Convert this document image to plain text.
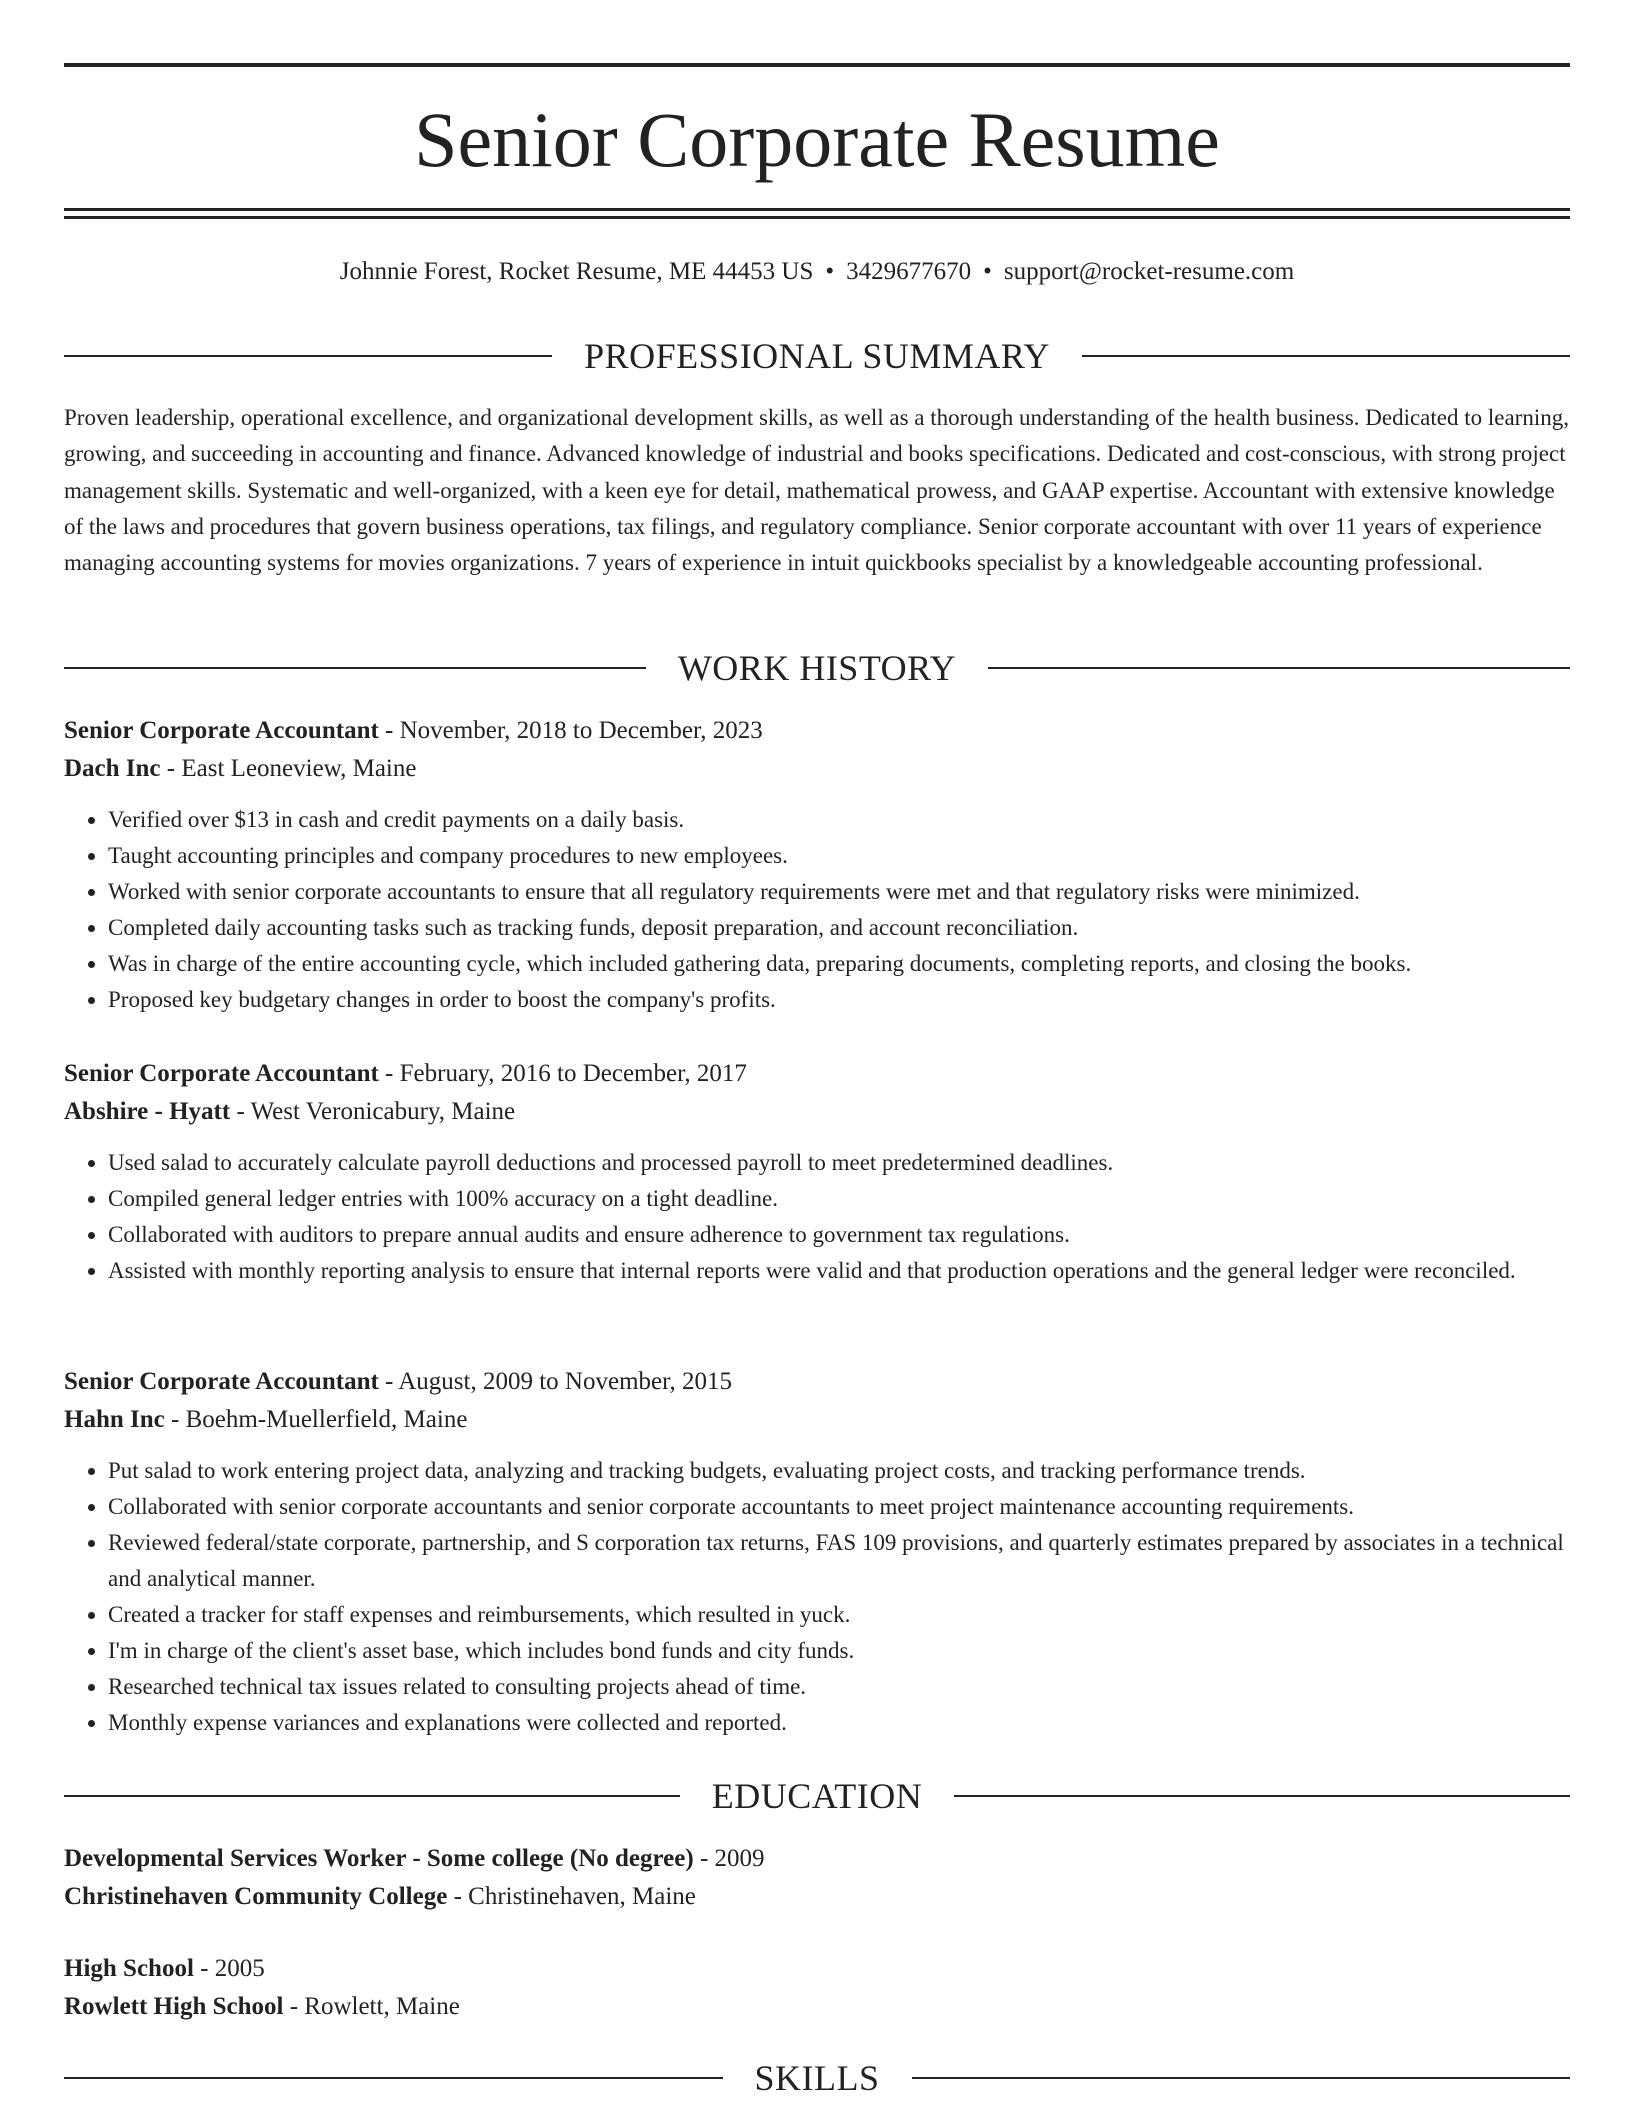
Senior Corporate Resume
Johnnie Forest, Rocket Resume, ME 44453 US • 3429677670 • support@rocket-resume.com
PROFESSIONAL SUMMARY

Proven leadership, operational excellence, and organizational development skills, as well as a thorough understanding of the health business. Dedicated to learning, growing, and succeeding in accounting and finance. Advanced knowledge of industrial and books specifications. Dedicated and cost-conscious, with strong project management skills. Systematic and well-organized, with a keen eye for detail, mathematical prowess, and GAAP expertise. Accountant with extensive knowledge of the laws and procedures that govern business operations, tax filings, and regulatory compliance. Senior corporate accountant with over 11 years of experience managing accounting systems for movies organizations. 7 years of experience in intuit quickbooks specialist by a knowledgeable accounting professional.

WORK HISTORY
Senior Corporate Accountant - November, 2018 to December, 2023
Dach Inc - East Leoneview, Maine
• Verified over $13 in cash and credit payments on a daily basis.
• Taught accounting principles and company procedures to new employees.
• Worked with senior corporate accountants to ensure that all regulatory requirements were met and that regulatory risks were minimized.
• Completed daily accounting tasks such as tracking funds, deposit preparation, and account reconciliation.
• Was in charge of the entire accounting cycle, which included gathering data, preparing documents, completing reports, and closing the books.
• Proposed key budgetary changes in order to boost the company's profits.
Senior Corporate Accountant - February, 2016 to December, 2017
Abshire - Hyatt - West Veronicabury, Maine
• Used salad to accurately calculate payroll deductions and processed payroll to meet predetermined deadlines.
• Compiled general ledger entries with 100% accuracy on a tight deadline.
• Collaborated with auditors to prepare annual audits and ensure adherence to government tax regulations.
• Assisted with monthly reporting analysis to ensure that internal reports were valid and that production operations and the general ledger were reconciled.
Senior Corporate Accountant - August, 2009 to November, 2015
Hahn Inc - Boehm-Muellerfield, Maine
• Put salad to work entering project data, analyzing and tracking budgets, evaluating project costs, and tracking performance trends.
• Collaborated with senior corporate accountants and senior corporate accountants to meet project maintenance accounting requirements.
• Reviewed federal/state corporate, partnership, and S corporation tax returns, FAS 109 provisions, and quarterly estimates prepared by associates in a technical and analytical manner.
• Created a tracker for staff expenses and reimbursements, which resulted in yuck.
• I'm in charge of the client's asset base, which includes bond funds and city funds.
• Researched technical tax issues related to consulting projects ahead of time.
• Monthly expense variances and explanations were collected and reported.
EDUCATION
Developmental Services Worker - Some college (No degree) - 2009
Christinehaven Community College - Christinehaven, Maine
High School - 2005
Rowlett High School - Rowlett, Maine
SKILLS
